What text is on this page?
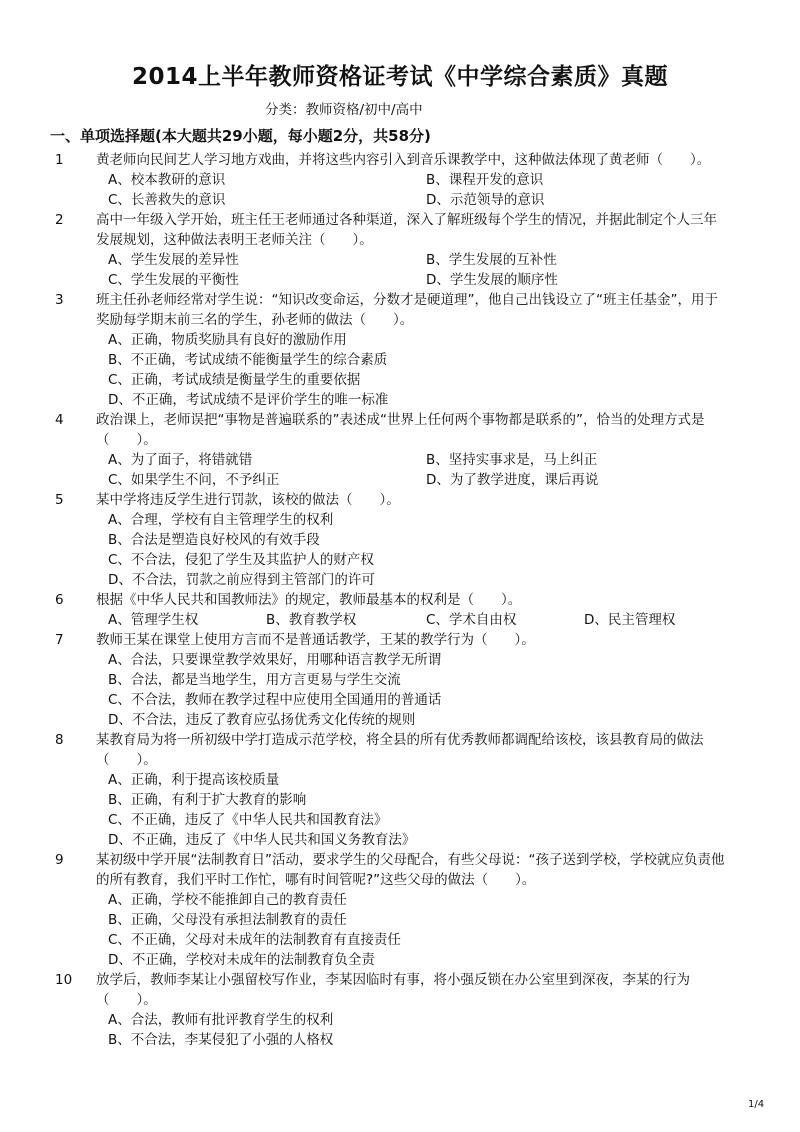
2014上半年教师资格证考试《中学综合素质》真题
分类：教师资格/初中/高中
一、单项选择题(本大题共29小题，每小题2分，共58分)
1 黄老师向民间艺人学习地方戏曲，并将这些内容引入到音乐课教学中，这种做法体现了黄老师（　　）。
A、校本教研的意识	B、课程开发的意识
C、长善救失的意识	D、示范领导的意识
2 高中一年级入学开始，班主任王老师通过各种渠道，深入了解班级每个学生的情况，并据此制定个人三年发展规划，这种做法表明王老师关注（　　）。
A、学生发展的差异性	B、学生发展的互补性
C、学生发展的平衡性	D、学生发展的顺序性
3 班主任孙老师经常对学生说：“知识改变命运，分数才是硬道理”，他自己出钱设立了“班主任基金”，用于奖励每学期末前三名的学生，孙老师的做法（　　）。
A、正确，物质奖励具有良好的激励作用
B、不正确，考试成绩不能衡量学生的综合素质
C、正确，考试成绩是衡量学生的重要依据
D、不正确，考试成绩不是评价学生的唯一标准
4 政治课上，老师误把“事物是普遍联系的”表述成“世界上任何两个事物都是联系的”，恰当的处理方式是（　　）。
A、为了面子，将错就错	B、坚持实事求是，马上纠正
C、如果学生不问，不予纠正	D、为了教学进度，课后再说
5 某中学将违反学生进行罚款，该校的做法（　　）。
A、合理，学校有自主管理学生的权利
B、合法是塑造良好校风的有效手段
C、不合法，侵犯了学生及其监护人的财产权
D、不合法，罚款之前应得到主管部门的许可
6 根据《中华人民共和国教师法》的规定，教师最基本的权利是（　　）。
A、管理学生权	B、教育教学权	C、学术自由权	D、民主管理权
7 教师王某在课堂上使用方言而不是普通话教学，王某的教学行为（　　）。
A、合法，只要课堂教学效果好，用哪种语言教学无所谓
B、合法，都是当地学生，用方言更易与学生交流
C、不合法，教师在教学过程中应使用全国通用的普通话
D、不合法，违反了教育应弘扬优秀文化传统的规则
8 某教育局为将一所初级中学打造成示范学校，将全县的所有优秀教师都调配给该校，该县教育局的做法（　　）。
A、正确，利于提高该校质量
B、正确，有利于扩大教育的影响
C、不正确，违反了《中华人民共和国教育法》
D、不正确，违反了《中华人民共和国义务教育法》
9 某初级中学开展“法制教育日”活动，要求学生的父母配合，有些父母说：“孩子送到学校，学校就应负责他的所有教育，我们平时工作忙，哪有时间管呢?”这些父母的做法（　　）。
A、正确，学校不能推卸自己的教育责任
B、正确，父母没有承担法制教育的责任
C、不正确，父母对未成年的法制教育有直接责任
D、不正确，学校对未成年的法制教育负全责
10 放学后，教师李某让小强留校写作业，李某因临时有事，将小强反锁在办公室里到深夜，李某的行为（　　）。
A、合法，教师有批评教育学生的权利
B、不合法，李某侵犯了小强的人格权
1/4
